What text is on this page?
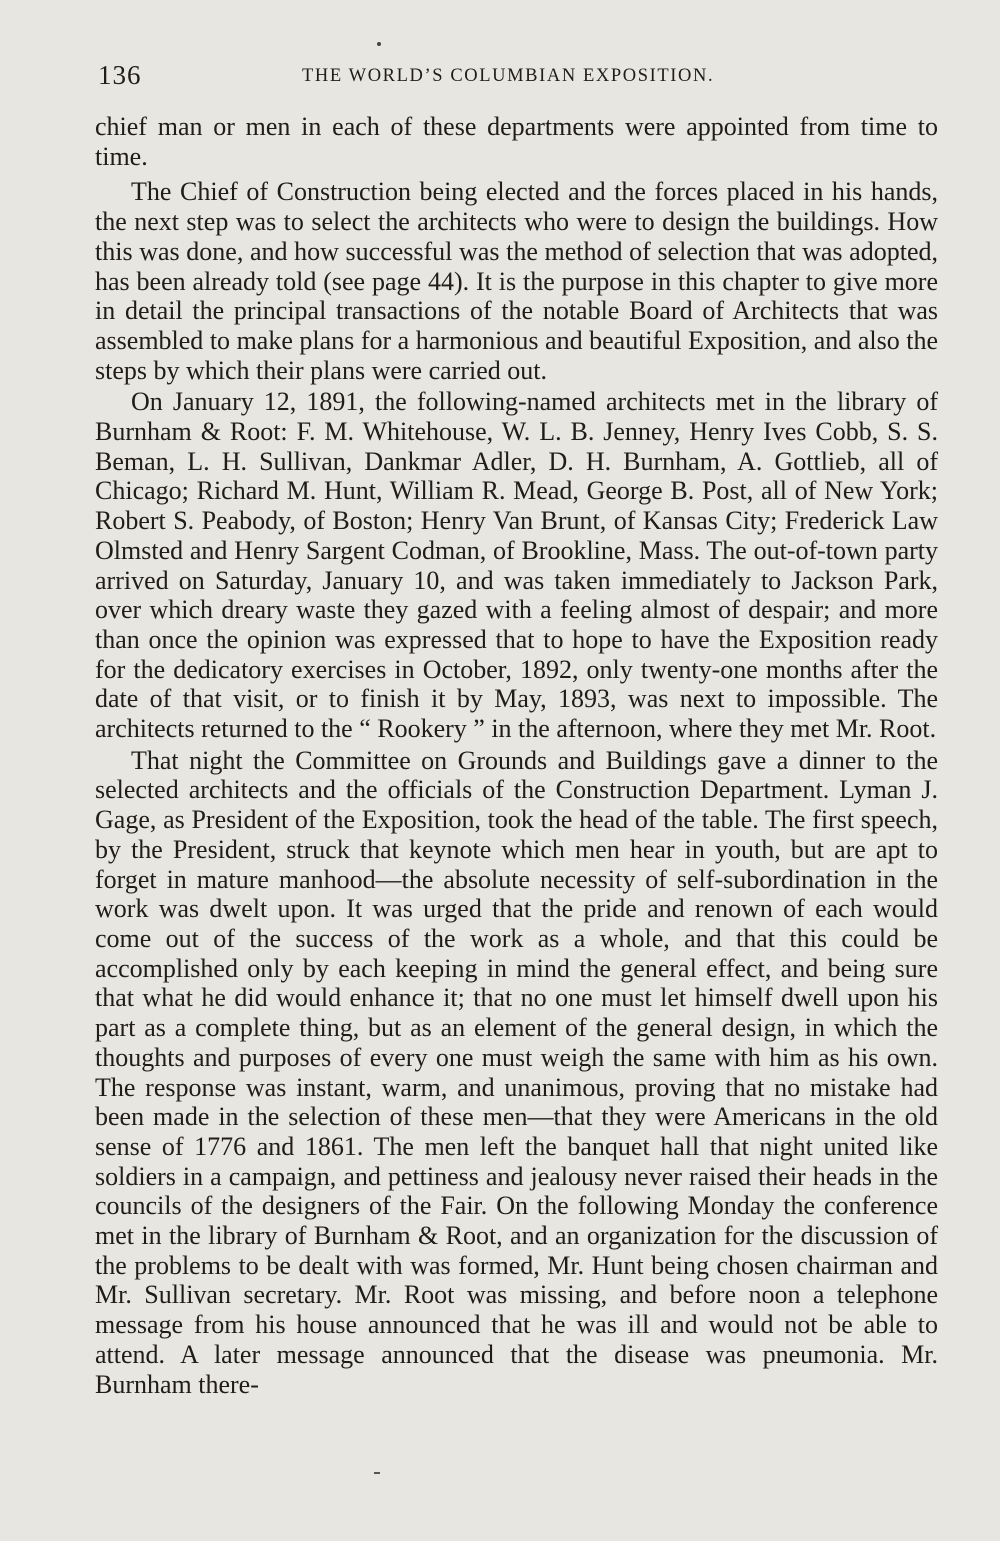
136	THE WORLD’S COLUMBIAN EXPOSITION.

chief man or men in each of these departments were appointed from time to time.

The Chief of Construction being elected and the forces placed in his hands, the next step was to select the architects who were to design the buildings. How this was done, and how successful was the method of selection that was adopted, has been already told (see page 44). It is the purpose in this chapter to give more in detail the principal transactions of the notable Board of Architects that was assembled to make plans for a harmonious and beautiful Exposition, and also the steps by which their plans were carried out.

On January 12, 1891, the following-named architects met in the library of Burnham & Root: F. M. Whitehouse, W. L. B. Jenney, Henry Ives Cobb, S. S. Beman, L. H. Sullivan, Dankmar Adler, D. H. Burnham, A. Gottlieb, all of Chicago; Richard M. Hunt, William R. Mead, George B. Post, all of New York; Robert S. Peabody, of Boston; Henry Van Brunt, of Kansas City; Frederick Law Olmsted and Henry Sargent Codman, of Brookline, Mass. The out-of-town party arrived on Saturday, January 10, and was taken immediately to Jackson Park, over which dreary waste they gazed with a feeling almost of despair; and more than once the opinion was expressed that to hope to have the Exposition ready for the dedicatory exercises in October, 1892, only twenty-one months after the date of that visit, or to finish it by May, 1893, was next to impossible. The architects returned to the “ Rookery ” in the afternoon, where they met Mr. Root.

That night the Committee on Grounds and Buildings gave a dinner to the selected architects and the officials of the Construction Department. Lyman J. Gage, as President of the Exposition, took the head of the table. The first speech, by the President, struck that keynote which men hear in youth, but are apt to forget in mature manhood—the absolute necessity of self-subordination in the work was dwelt upon. It was urged that the pride and renown of each would come out of the success of the work as a whole, and that this could be accomplished only by each keeping in mind the general effect, and being sure that what he did would enhance it; that no one must let himself dwell upon his part as a complete thing, but as an element of the general design, in which the thoughts and purposes of every one must weigh the same with him as his own. The response was instant, warm, and unanimous, proving that no mistake had been made in the selection of these men—that they were Americans in the old sense of 1776 and 1861. The men left the banquet hall that night united like soldiers in a campaign, and pettiness and jealousy never raised their heads in the councils of the designers of the Fair. On the following Monday the conference met in the library of Burnham & Root, and an organization for the discussion of the problems to be dealt with was formed, Mr. Hunt being chosen chairman and Mr. Sullivan secretary. Mr. Root was missing, and before noon a telephone message from his house announced that he was ill and would not be able to attend. A later message announced that the disease was pneumonia. Mr. Burnham there-
